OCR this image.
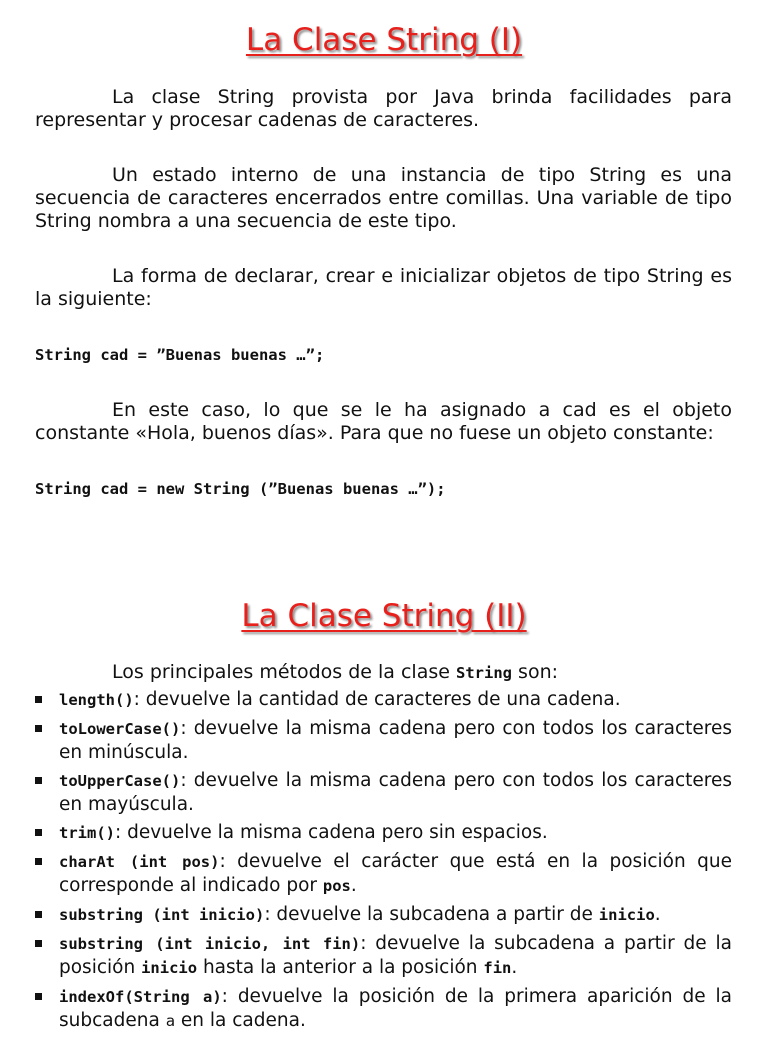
La Clase String (I)

La clase String provista por Java brinda facilidades para representar y procesar cadenas de caracteres.

Un estado interno de una instancia de tipo String es una secuencia de caracteres encerrados entre comillas. Una variable de tipo String nombra a una secuencia de este tipo.

La forma de declarar, crear e inicializar objetos de tipo String es la siguiente:

String cad = ”Buenas buenas …”;

En este caso, lo que se le ha asignado a cad es el objeto constante «Hola, buenos días». Para que no fuese un objeto constante:

String cad = new String (”Buenas buenas …”);

La Clase String (II)

Los principales métodos de la clase String son:

length(): devuelve la cantidad de caracteres de una cadena.
toLowerCase(): devuelve la misma cadena pero con todos los caracteres en minúscula.
toUpperCase(): devuelve la misma cadena pero con todos los caracteres en mayúscula.
trim(): devuelve la misma cadena pero sin espacios.
charAt (int pos): devuelve el carácter que está en la posición que corresponde al indicado por pos.
substring (int inicio): devuelve la subcadena a partir de inicio.
substring (int inicio, int fin): devuelve la subcadena a partir de la posición inicio hasta la anterior a la posición fin.
indexOf(String a): devuelve la posición de la primera aparición de la subcadena a en la cadena.
